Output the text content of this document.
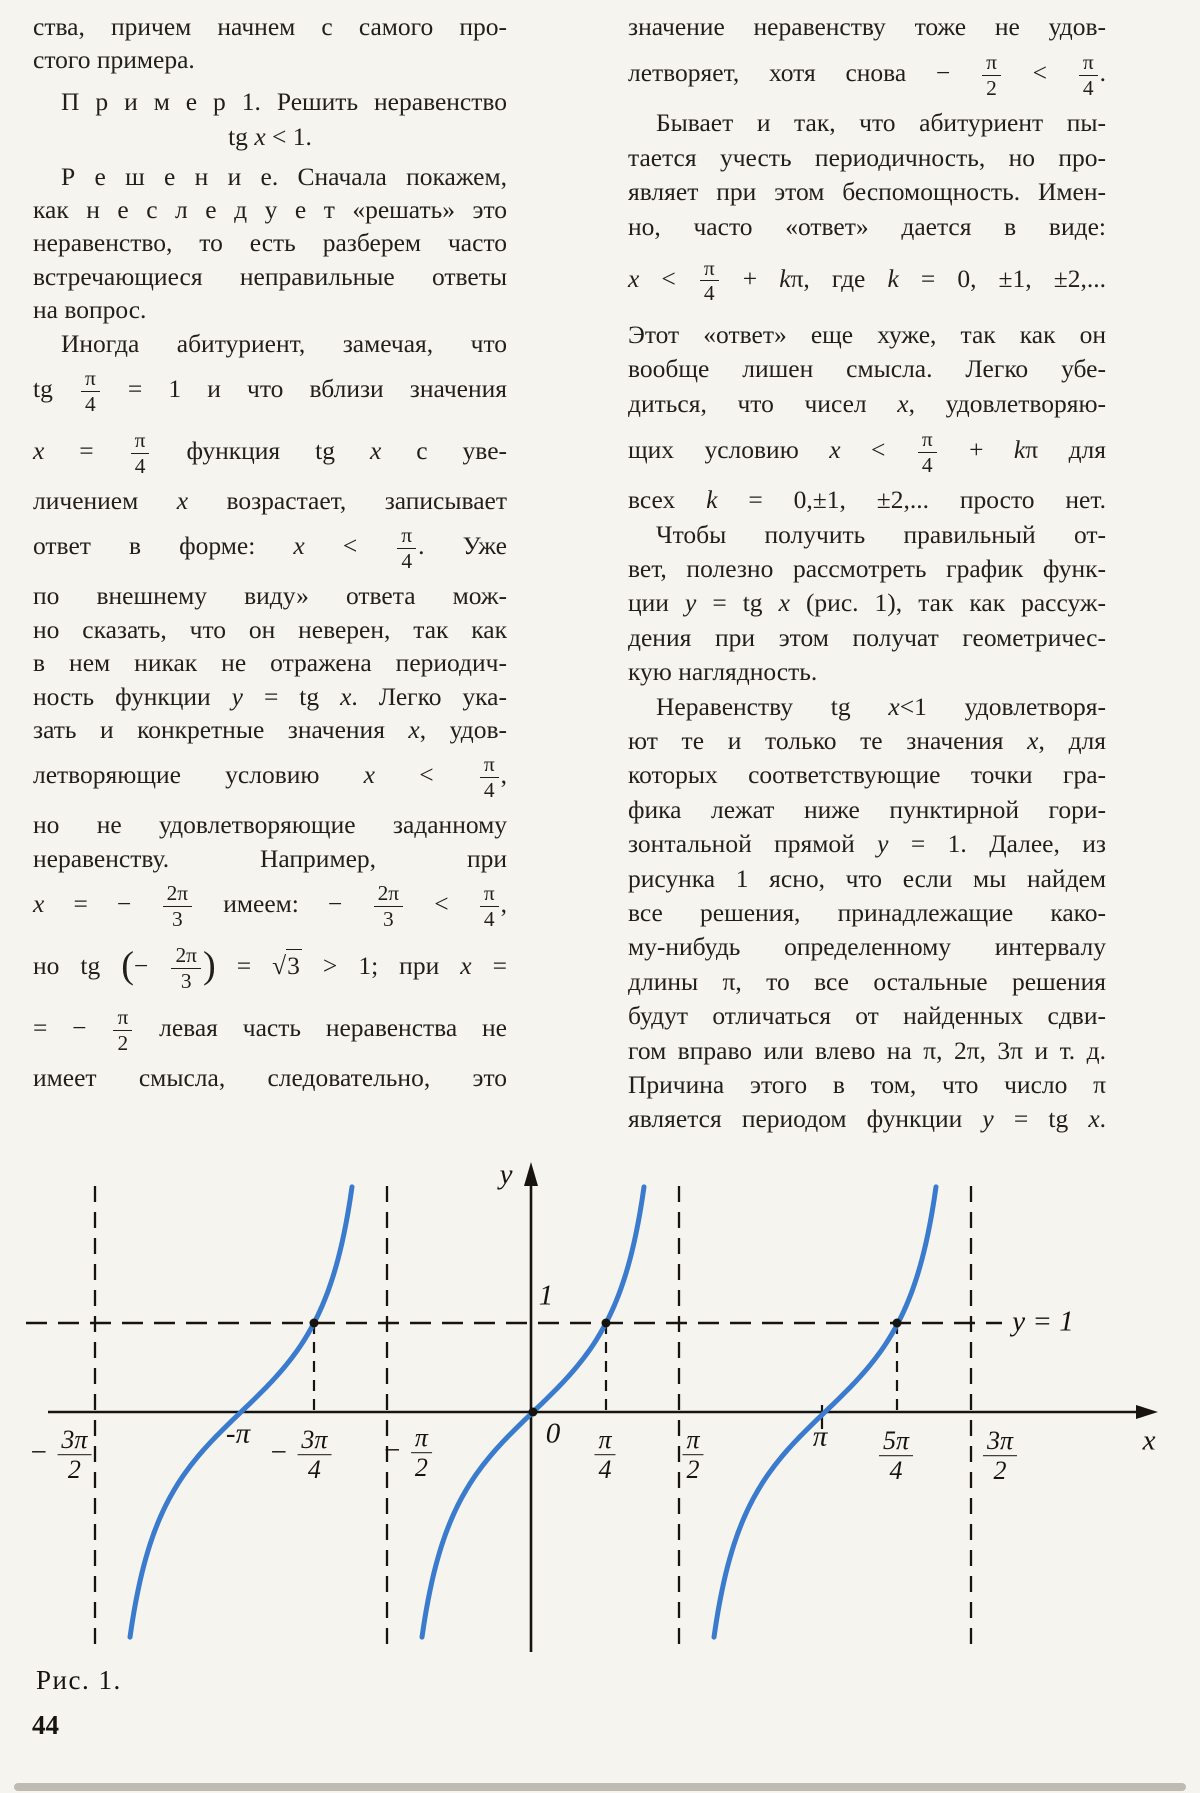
ства, причем начнем с самого про-
стого примера.
П р и м е р 1. Решить неравенство
tg x < 1.
Р е ш е н и е. Сначала покажем,
как н е с л е д у е т «решать» это
неравенство, то есть разберем часто
встречающиеся неправильные ответы
на вопрос.
Иногда абитуриент, замечая, что
tg $\frac{\pi}{4} = 1$ и что вблизи значения
$x = \frac{\pi}{4}$ функция tg x с уве-
личением x возрастает, записывает
ответ в форме: $x < \frac{\pi}{4}$ . Уже
по внешнему виду» ответа мож-
но сказать, что он неверен, так как
в нем никак не отражена периодич-
ность функции y = tg x. Легко ука-
зать и конкретные значения x, удов-
летворяющие условию $x < \frac{\pi}{4}$ ,
но не удовлетворяющие заданному
неравенству. Например, при
x = − $\frac{2\pi}{3}$ имеем: − $\frac{2\pi}{3} < \frac{\pi}{4}$ ,
но tg (− $\frac{2\pi}{3}$ ) = √3 > 1; при x =
= − $\frac{\pi}{2}$ левая часть неравенства не
имеет смысла, следовательно, это
значение неравенству тоже не удов-
летворяет, хотя снова − $\frac{\pi}{2} < \frac{\pi}{4}$ .
Бывает и так, что абитуриент пы-
тается учесть периодичность, но про-
являет при этом беспомощность. Имен-
но, часто «ответ» дается в виде:
$x < \frac{\pi}{4} + k\pi$, где k = 0, ±1, ±2,...
Этот «ответ» еще хуже, так как он
вообще лишен смысла. Легко убе-
диться, что чисел x, удовлетворяю-
щих условию $x < \frac{\pi}{4} + k\pi$ для
всех k = 0,±1, ±2,... просто нет.
Чтобы получить правильный от-
вет, полезно рассмотреть график функ-
ции y = tg x (рис. 1), так как рассуж-
дения при этом получат геометричес-
кую наглядность.
Неравенству tg x<1 удовлетворя-
ют те и только те значения x, для
которых соответствующие точки гра-
фика лежат ниже пунктирной гори-
зонтальной прямой y = 1. Далее, из
рисунка 1 ясно, что если мы найдем
все решения, принадлежащие како-
му-нибудь определенному интервалу
длины π, то все остальные решения
будут отличаться от найденных сдви-
гом вправо или влево на π, 2π, 3π и т. д.
Причина этого в том, что число π
является периодом функции y = tg x.
y
x
1
0
y = 1
− $\frac{3\pi}{2}$	-π
− $\frac{3\pi}{4} - \frac{\pi}{2}$	$\frac{\pi}{4}$	$\frac{\pi}{2}$	π $\frac{5\pi}{4}$	$\frac{3\pi}{2}$
Рис. 1.
44
